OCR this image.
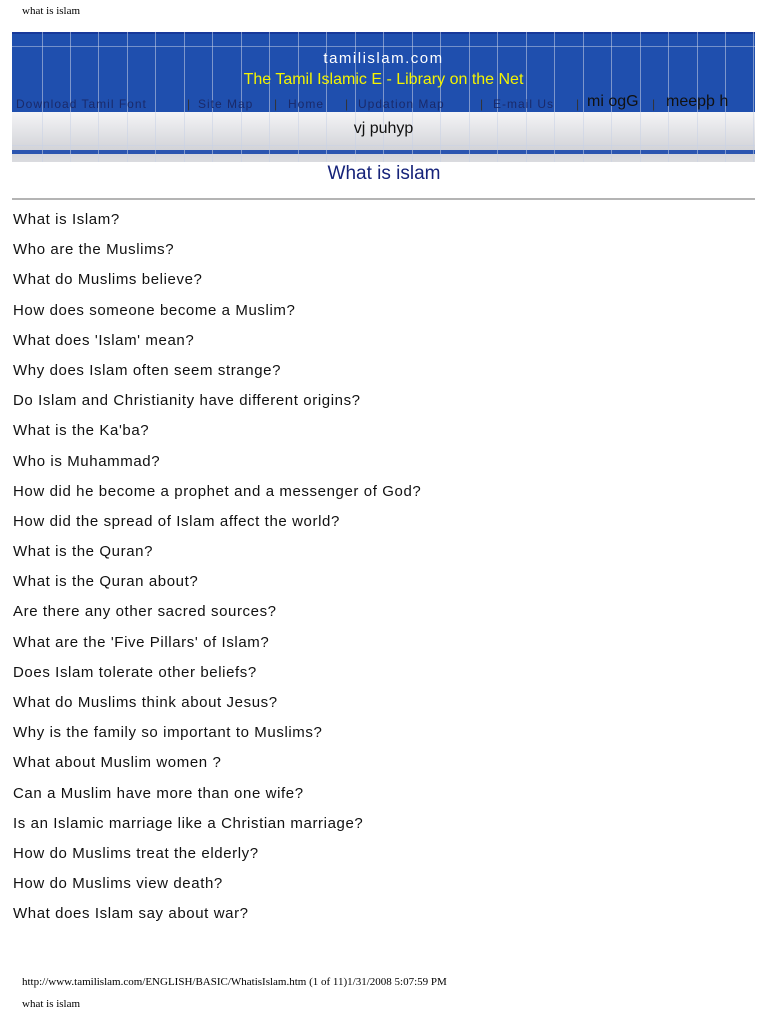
what is islam
tamilislam.com
The Tamil Islamic E - Library on the Net
Download Tamil Font	| Site Map | Home | Updation Map	| E-mail Us | mi ogG | meepþ h
vj puhyp
What is islam
What is Islam?
Who are the Muslims?
What do Muslims believe?
How does someone become a Muslim?
What does 'Islam' mean?
Why does Islam often seem strange?
Do Islam and Christianity have different origins?
What is the Ka'ba?
Who is Muhammad?
How did he become a prophet and a messenger of God?
How did the spread of Islam affect the world?
What is the Quran?
What is the Quran about?
Are there any other sacred sources?
What are the 'Five Pillars' of Islam?
Does Islam tolerate other beliefs?
What do Muslims think about Jesus?
Why is the family so important to Muslims?
What about Muslim women ?
Can a Muslim have more than one wife?
Is an Islamic marriage like a Christian marriage?
How do Muslims treat the elderly?
How do Muslims view death?
What does Islam say about war?
http://www.tamilislam.com/ENGLISH/BASIC/WhatisIslam.htm (1 of 11)1/31/2008 5:07:59 PM
what is islam
